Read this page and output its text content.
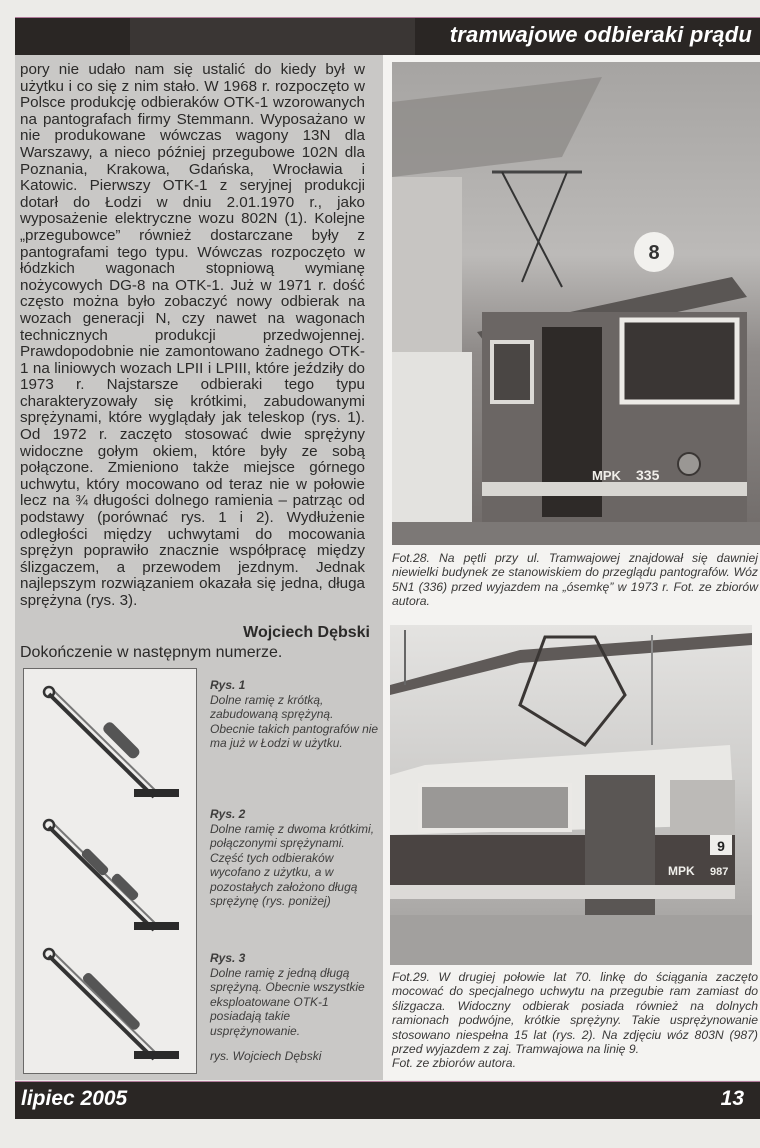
tramwajowe odbieraki prądu

pory nie udało nam się ustalić do kiedy był w użytku i co się z nim stało. W 1968 r. rozpoczęto w Polsce produkcję odbieraków OTK-1 wzorowanych na pantografach firmy Stemmann. Wyposażano w nie produkowane wówczas wagony 13N dla Warszawy, a nieco później przegubowe 102N dla Poznania, Krakowa, Gdańska, Wrocławia i Katowic. Pierwszy OTK-1 z seryjnej produkcji dotarł do Łodzi w dniu 2.01.1970 r., jako wyposażenie elektryczne wozu 802N (1). Kolejne „przegubowce” również dostarczane były z pantografami tego typu. Wówczas rozpoczęto w łódzkich wagonach stopniową wymianę nożycowych DG-8 na OTK-1. Już w 1971 r. dość często można było zobaczyć nowy odbierak na wozach generacji N, czy nawet na wagonach technicznych produkcji przedwojennej. Prawdopodobnie nie zamontowano żadnego OTK-1 na liniowych wozach LPII i LPIII, które jeździły do 1973 r. Najstarsze odbieraki tego typu charakteryzowały się krótkimi, zabudowanymi sprężynami, które wyglądały jak teleskop (rys. 1). Od 1972 r. zaczęto stosować dwie sprężyny widoczne gołym okiem, które były ze sobą połączone. Zmieniono także miejsce górnego uchwytu, który mocowano od teraz nie w połowie lecz na ¾ długości dolnego ramienia – patrząc od podstawy (porównać rys. 1 i 2). Wydłużenie odległości między uchwytami do mocowania sprężyn poprawiło znacznie współpracę między ślizgaczem, a przewodem jezdnym. Jednak najlepszym rozwiązaniem okazała się jedna, długa sprężyna (rys. 3).

Wojciech Dębski
Dokończenie w następnym numerze.
Rys. 1
Dolne ramię z krótką, zabudowaną sprężyną. Obecnie takich pantografów nie ma już w Łodzi w użytku.
Rys. 2
Dolne ramię z dwoma krótkimi, połączonymi sprężynami. Część tych odbieraków wycofano z użytku, a w pozostałych założono długą sprężynę (rys. poniżej)
Rys. 3
Dolne ramię z jedną długą sprężyną. Obecnie wszystkie eksploatowane OTK-1 posiadają takie usprężynowanie.
rys. Wojciech Dębski
8
MPK 335
Fot.28. Na pętli przy ul. Tramwajowej znajdował się dawniej niewielki budynek ze stanowiskiem do przeglądu pantografów. Wóz 5N1 (336) przed wyjazdem na „ósemkę” w 1973 r. Fot. ze zbiorów autora.
9
MPK 987
Fot.29. W drugiej połowie lat 70. linkę do ściągania zaczęto mocować do specjalnego uchwytu na przegubie ram zamiast do ślizgacza. Widoczny odbierak posiada również na dolnych ramionach podwójne, krótkie sprężyny. Takie usprężynowanie stosowano niespełna 15 lat (rys. 2). Na zdjęciu wóz 803N (987) przed wyjazdem z zaj. Tramwajowa na linię 9.
Fot. ze zbiorów autora.
lipiec 2005	13
